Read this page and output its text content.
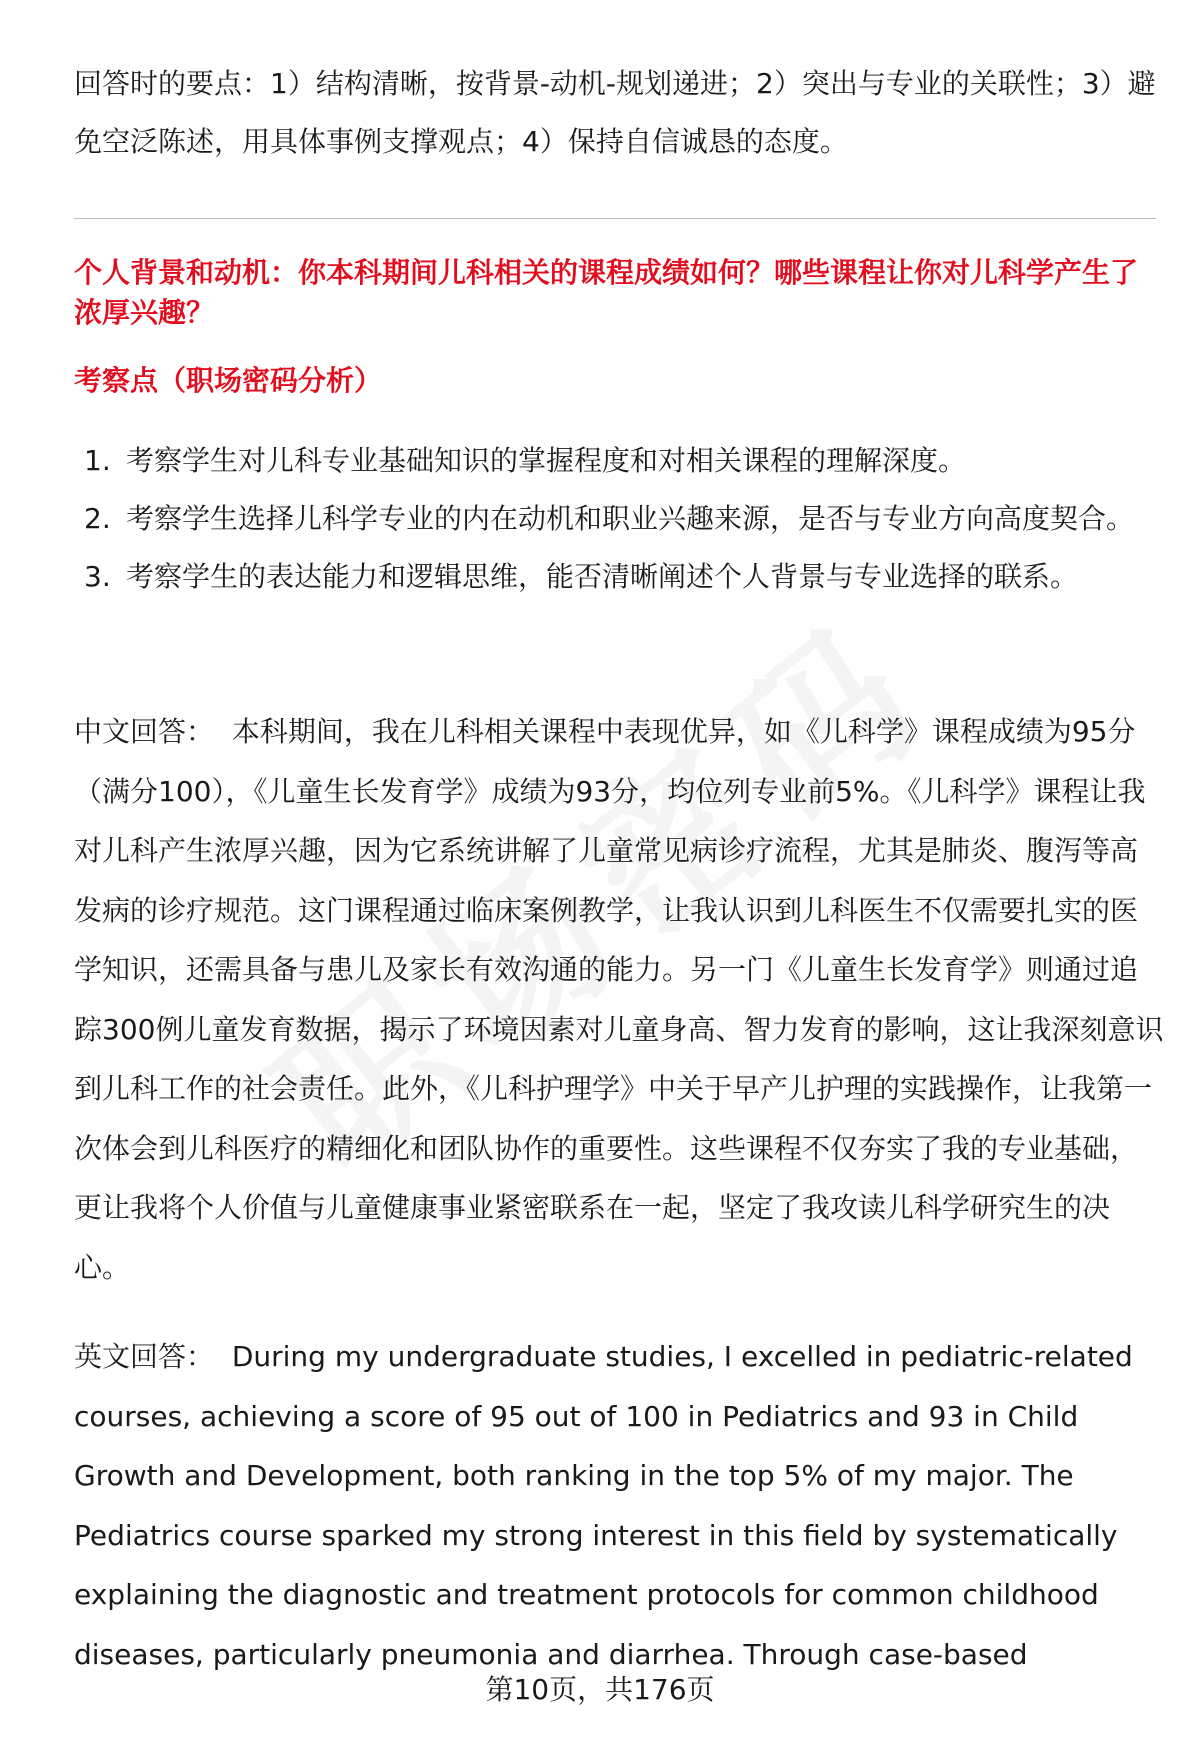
回答时的要点：1）结构清晰，按背景-动机-规划递进；2）突出与专业的关联性；3）避免空泛陈述，用具体事例支撑观点；4）保持自信诚恳的态度。
个人背景和动机：你本科期间儿科相关的课程成绩如何？哪些课程让你对儿科学产生了浓厚兴趣？
考察点（职场密码分析）
1. 考察学生对儿科专业基础知识的掌握程度和对相关课程的理解深度。
2. 考察学生选择儿科学专业的内在动机和职业兴趣来源，是否与专业方向高度契合。
3. 考察学生的表达能力和逻辑思维，能否清晰阐述个人背景与专业选择的联系。
中文回答： 本科期间，我在儿科相关课程中表现优异，如《儿科学》课程成绩为95分（满分100），《儿童生长发育学》成绩为93分，均位列专业前5%。《儿科学》课程让我对儿科产生浓厚兴趣，因为它系统讲解了儿童常见病诊疗流程，尤其是肺炎、腹泻等高发病的诊疗规范。这门课程通过临床案例教学，让我认识到儿科医生不仅需要扎实的医学知识，还需具备与患儿及家长有效沟通的能力。另一门《儿童生长发育学》则通过追踪300例儿童发育数据，揭示了环境因素对儿童身高、智力发育的影响，这让我深刻意识到儿科工作的社会责任。此外，《儿科护理学》中关于早产儿护理的实践操作，让我第一次体会到儿科医疗的精细化和团队协作的重要性。这些课程不仅夯实了我的专业基础，更让我将个人价值与儿童健康事业紧密联系在一起，坚定了我攻读儿科学研究生的决心。
英文回答： During my undergraduate studies, I excelled in pediatric-related courses, achieving a score of 95 out of 100 in Pediatrics and 93 in Child Growth and Development, both ranking in the top 5% of my major. The Pediatrics course sparked my strong interest in this field by systematically explaining the diagnostic and treatment protocols for common childhood diseases, particularly pneumonia and diarrhea. Through case-based
第10页，共176页
